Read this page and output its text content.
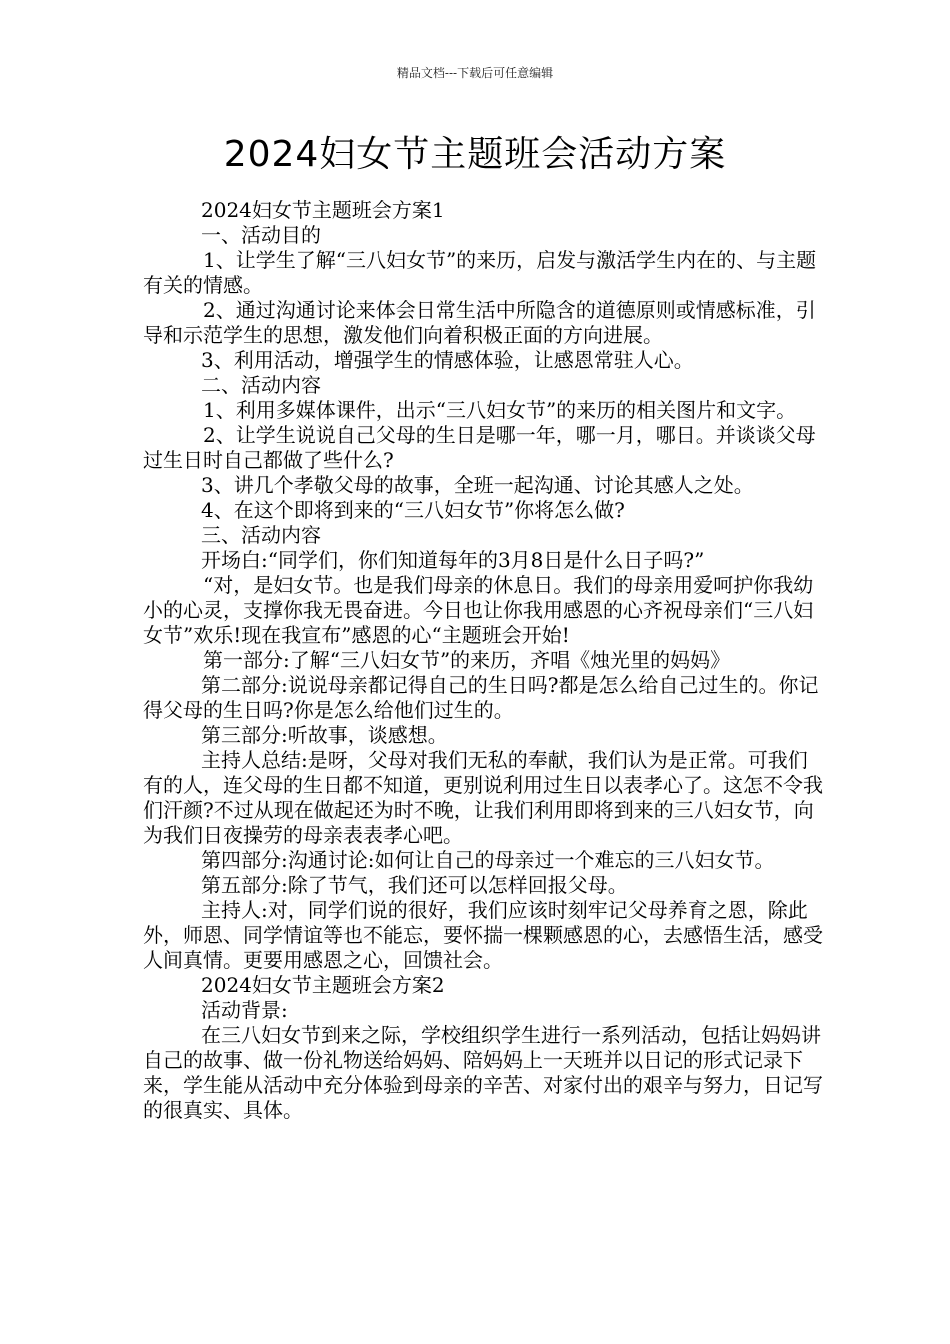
精品文档---下载后可任意编辑
2024妇女节主题班会活动方案

2024妇女节主题班会方案1

一、活动目的

1、让学生了解“三八妇女节”的来历，启发与激活学生内在的、与主题有关的情感。

2、通过沟通讨论来体会日常生活中所隐含的道德原则或情感标准，引导和示范学生的思想，激发他们向着积极正面的方向进展。

3、利用活动，增强学生的情感体验，让感恩常驻人心。

二、活动内容

1、利用多媒体课件，出示“三八妇女节”的来历的相关图片和文字。

2、让学生说说自己父母的生日是哪一年，哪一月，哪日。并谈谈父母过生日时自己都做了些什么?

3、讲几个孝敬父母的故事，全班一起沟通、讨论其感人之处。

4、在这个即将到来的“三八妇女节”你将怎么做?

三、活动内容

开场白:“同学们，你们知道每年的3月8日是什么日子吗?”

“对，是妇女节。也是我们母亲的休息日。我们的母亲用爱呵护你我幼小的心灵，支撑你我无畏奋进。今日也让你我用感恩的心齐祝母亲们“三八妇女节”欢乐!现在我宣布”感恩的心“主题班会开始!

第一部分:了解“三八妇女节”的来历，齐唱《烛光里的妈妈》

第二部分:说说母亲都记得自己的生日吗?都是怎么给自己过生的。你记得父母的生日吗?你是怎么给他们过生的。

第三部分:听故事，谈感想。

主持人总结:是呀，父母对我们无私的奉献，我们认为是正常。可我们有的人，连父母的生日都不知道，更别说利用过生日以表孝心了。这怎不令我们汗颜?不过从现在做起还为时不晚，让我们利用即将到来的三八妇女节，向为我们日夜操劳的母亲表表孝心吧。

第四部分:沟通讨论:如何让自己的母亲过一个难忘的三八妇女节。

第五部分:除了节气，我们还可以怎样回报父母。

主持人:对，同学们说的很好，我们应该时刻牢记父母养育之恩，除此外，师恩、同学情谊等也不能忘，要怀揣一棵颗感恩的心，去感悟生活，感受人间真情。更要用感恩之心，回馈社会。

2024妇女节主题班会方案2

活动背景:

在三八妇女节到来之际，学校组织学生进行一系列活动，包括让妈妈讲自己的故事、做一份礼物送给妈妈、陪妈妈上一天班并以日记的形式记录下来，学生能从活动中充分体验到母亲的辛苦、对家付出的艰辛与努力，日记写的很真实、具体。
